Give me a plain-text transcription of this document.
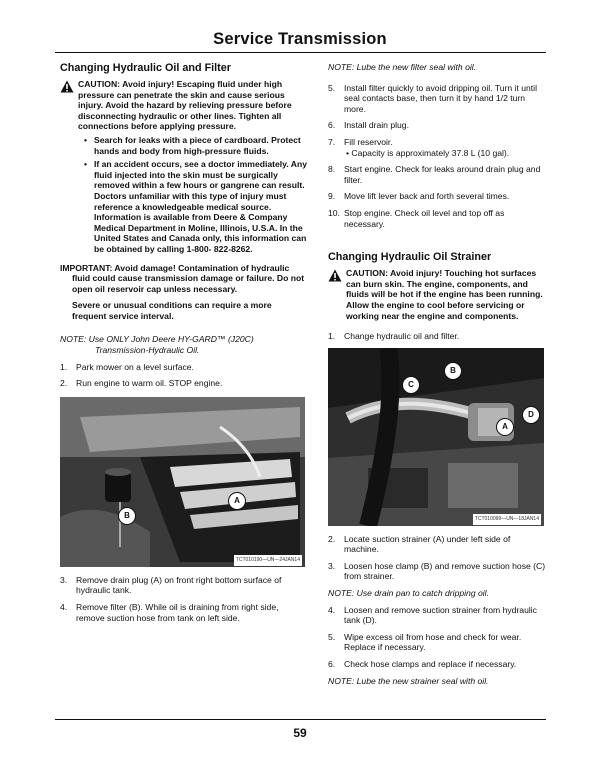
Service Transmission
Changing Hydraulic Oil and Filter
CAUTION: Avoid injury! Escaping fluid under high pressure can penetrate the skin and cause serious injury. Avoid the hazard by relieving pressure before disconnecting hydraulic or other lines. Tighten all connections before applying pressure.
• Search for leaks with a piece of cardboard. Protect hands and body from high-pressure fluids.
• If an accident occurs, see a doctor immediately. Any fluid injected into the skin must be surgically removed within a few hours or gangrene can result. Doctors unfamiliar with this type of injury must reference a knowledgeable medical source. Information is available from Deere & Company Medical Department in Moline, Illinois, U.S.A. In the United States and Canada only, this information can be obtained by calling 1-800- 822-8262.
IMPORTANT: Avoid damage! Contamination of hydraulic fluid could cause transmission damage or failure. Do not open oil reservoir cap unless necessary.
Severe or unusual conditions can require a more frequent service interval.
NOTE: Use ONLY John Deere HY-GARD™ (J20C) Transmission-Hydraulic Oil.
1.	Park mower on a level surface.
2.	Run engine to warm oil. STOP engine.
A
B
TCT010190—UN—24JAN14
3.	Remove drain plug (A) on front right bottom surface of hydraulic tank.
4.	Remove filter (B). While oil is draining from right side, remove suction hose from tank on left side.
NOTE: Lube the new filter seal with oil.
5.	Install filter quickly to avoid dripping oil. Turn it until seal contacts base, then turn it by hand 1/2 turn more.
6.	Install drain plug.
7.	Fill reservoir.
• Capacity is approximately 37.8 L (10 gal).
8.	Start engine. Check for leaks around drain plug and filter.
9.	Move lift lever back and forth several times.
10. Stop engine. Check oil level and top off as necessary.
Changing Hydraulic Oil Strainer
CAUTION: Avoid injury! Touching hot surfaces can burn skin. The engine, components, and fluids will be hot if the engine has been running. Allow the engine to cool before servicing or working near the engine and components.
1.	Change hydraulic oil and filter.
C
B
D
A
TCT010099—UN—18JAN14
2.	Locate suction strainer (A) under left side of machine.
3.	Loosen hose clamp (B) and remove suction hose (C) from strainer.
NOTE: Use drain pan to catch dripping oil.
4.	Loosen and remove suction strainer from hydraulic tank (D).
5.	Wipe excess oil from hose and check for wear. Replace if necessary.
6.	Check hose clamps and replace if necessary.
NOTE: Lube the new strainer seal with oil.
59
